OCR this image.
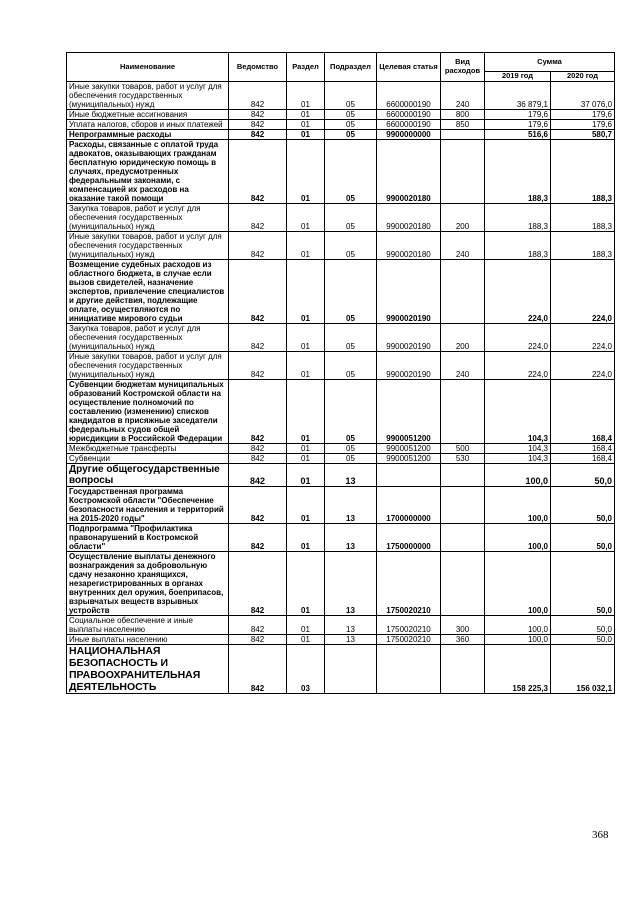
Наименование	Ведомство	Раздел	Подраздел	Целевая статья	Вид расходов	Сумма	
						2019 год	2020 год
Иные закупки товаров, работ и услуг для обеспечения государственных (муниципальных) нужд	842	01	05	6600000190	240	36 879,1	37 076,0
Иные бюджетные ассигнования	842	01	05	6600000190	800	179,6	179,6
Уплата налогов, сборов и иных платежей	842	01	05	6600000190	850	179,6	179,6
Непрограммные расходы	842	01	05	9900000000		516,6	580,7
Расходы, связанные с оплатой труда адвокатов, оказывающих гражданам бесплатную юридическую помощь в случаях, предусмотренных федеральными законами, с компенсацией их расходов на оказание такой помощи	842	01	05	9900020180		188,3	188,3
Закупка товаров, работ и услуг для обеспечения государственных (муниципальных) нужд	842	01	05	9900020180	200	188,3	188,3
Иные закупки товаров, работ и услуг для обеспечения государственных (муниципальных) нужд	842	01	05	9900020180	240	188,3	188,3
Возмещение судебных расходов из областного бюджета, в случае если вызов свидетелей, назначение экспертов, привлечение специалистов и другие действия, подлежащие оплате, осуществляются по инициативе мирового судьи	842	01	05	9900020190		224,0	224,0
Закупка товаров, работ и услуг для обеспечения государственных (муниципальных) нужд	842	01	05	9900020190	200	224,0	224,0
Иные закупки товаров, работ и услуг для обеспечения государственных (муниципальных) нужд	842	01	05	9900020190	240	224,0	224,0
Субвенции бюджетам муниципальных образований Костромской области на осуществление полномочий по составлению (изменению) списков кандидатов в присяжные заседатели федеральных судов общей юрисдикции в Российской Федерации	842	01	05	9900051200		104,3	168,4
Межбюджетные трансферты	842	01	05	9900051200	500	104,3	168,4
Субвенции	842	01	05	9900051200	530	104,3	168,4
Другие общегосударственные вопросы	842	01	13			100,0	50,0
Государственная программа Костромской области "Обеспечение безопасности населения и территорий на 2015-2020 годы"	842	01	13	1700000000		100,0	50,0
Подпрограмма "Профилактика правонарушений в Костромской области"	842	01	13	1750000000		100,0	50,0
Осуществление выплаты денежного вознаграждения за добровольную сдачу незаконно хранящихся, незарегистрированных в органах внутренних дел оружия, боеприпасов, взрывчатых веществ взрывных устройств	842	01	13	1750020210		100,0	50,0
Социальное обеспечение и иные выплаты населению	842	01	13	1750020210	300	100,0	50,0
Иные выплаты населению	842	01	13	1750020210	360	100,0	50,0
НАЦИОНАЛЬНАЯ БЕЗОПАСНОСТЬ И ПРАВООХРАНИТЕЛЬНАЯ ДЕЯТЕЛЬНОСТЬ	842	03				158 225,3	156 032,1
368
